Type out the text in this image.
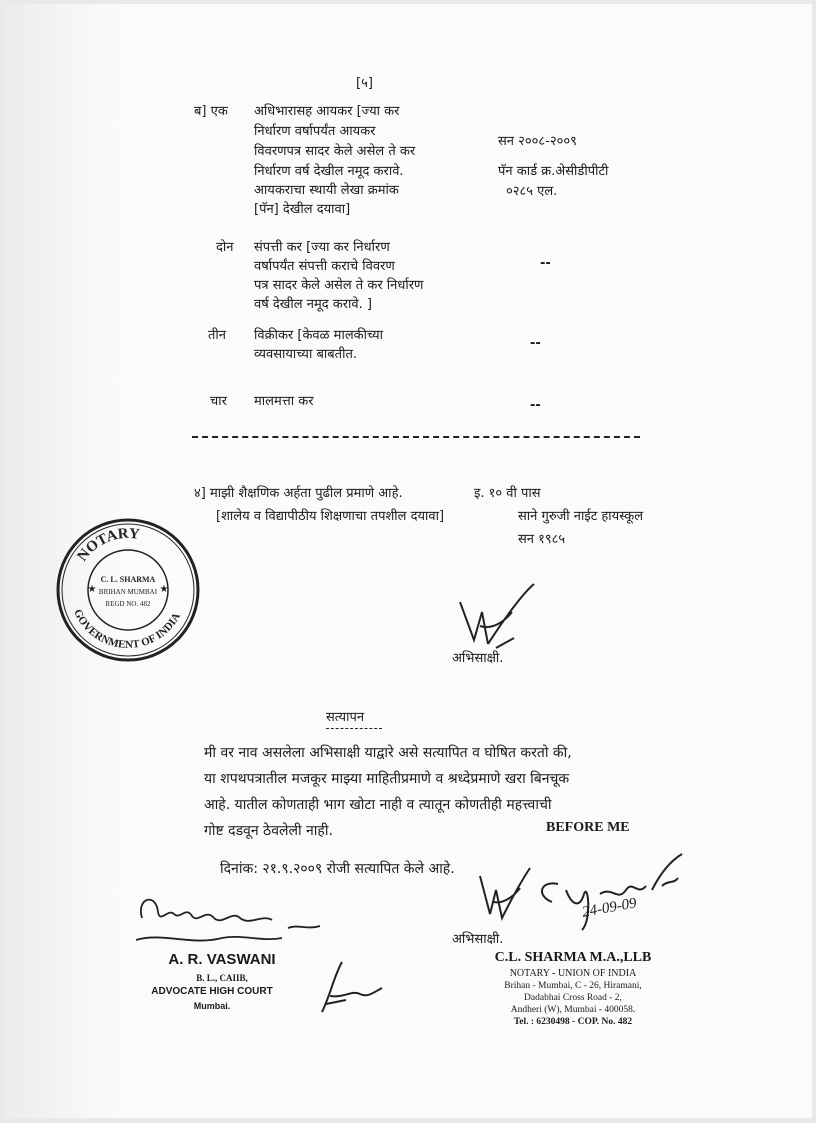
[५]
ब] एक अधिभारासह आयकर [ज्या कर
निर्धारण वर्षापर्यंत आयकर
विवरणपत्र सादर केले असेल ते कर
निर्धारण वर्ष देखील नमूद करावे.
आयकराचा स्थायी लेखा क्रमांक
[पॅन] देखील दयावा]
सन २००८-२००९
पॅन कार्ड क्र.अेसीडीपीटी
०२८५ एल.
दोन संपत्ती कर [ज्या कर निर्धारण
वर्षापर्यंत संपत्ती कराचे विवरण
पत्र सादर केले असेल ते कर निर्धारण
वर्ष देखील नमूद करावे. ]
--
तीन विक्रीकर [केवळ मालकीच्या
व्यवसायाच्या बाबतीत.
--
चार मालमत्ता कर	--
४] माझी शैक्षणिक अर्हता पुढील प्रमाणे आहे.	इ. १० वी पास
[शालेय व विद्यापीठीय शिक्षणाचा तपशील दयावा]	साने गुरुजी नाईट हायस्कूल
सन १९८५
NOTARY
GOVERNMENT OF INDIA
C. L. SHARMA
BRIHAN MUMBAI
REGD NO. 482
★	★
अभिसाक्षी.
सत्यापन
मी वर नाव असलेला अभिसाक्षी याद्वारे असे सत्यापित व घोषित करतो की,
या शपथपत्रातील मजकूर माझ्या माहितीप्रमाणे व श्रध्देप्रमाणे खरा बिनचूक
आहे. यातील कोणताही भाग खोटा नाही व त्यातून कोणतीही महत्त्वाची
गोष्ट दडवून ठेवलेली नाही.	BEFORE ME
दिनांक: २१.९.२००९ रोजी सत्यापित केले आहे.
अभिसाक्षी.
24-09-09
A. R. VASWANI
B. L., CAIIB,
ADVOCATE HIGH COURT
Mumbai.
C.L. SHARMA M.A.,LLB
NOTARY - UNION OF INDIA
Brihan - Mumbai, C - 26, Hiramani,
Dadabhai Cross Road - 2,
Andheri (W), Mumbai - 400058.
Tel. : 6230498 - COP. No. 482
